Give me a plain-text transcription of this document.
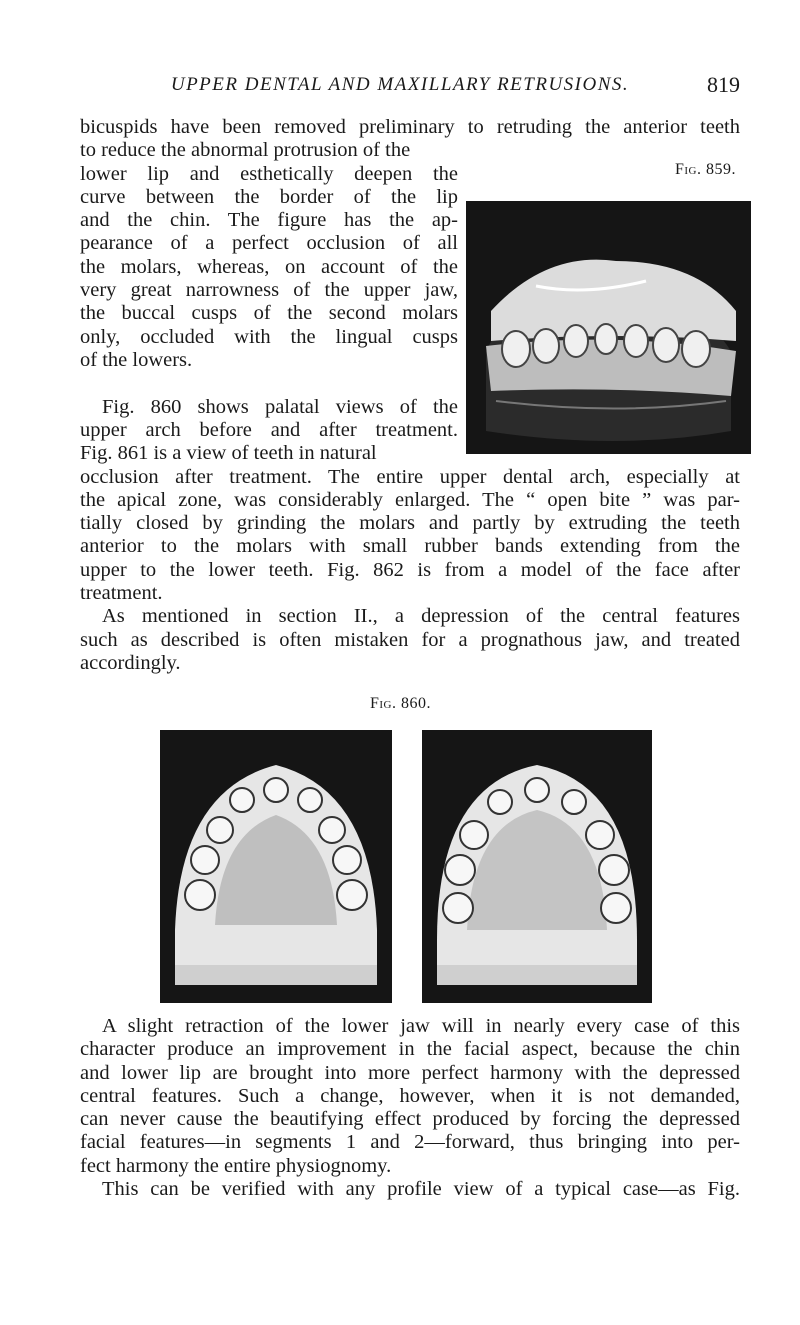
UPPER DENTAL AND MAXILLARY RETRUSIONS.	819
bicuspids have been removed preliminary to retruding the anterior teeth
to reduce the abnormal protrusion of the
lower lip and esthetically deepen the
curve between the border of the lip
and the chin. The figure has the ap-
pearance of a perfect occlusion of all
the molars, whereas, on account of the
very great narrowness of the upper jaw,
the buccal cusps of the second molars
only, occluded with the lingual cusps
of the lowers.
Fig. 860 shows palatal views of the
upper arch before and after treatment.
Fig. 861 is a view of teeth in natural
occlusion after treatment. The entire upper dental arch, especially at
the apical zone, was considerably enlarged. The “ open bite ” was par-
tially closed by grinding the molars and partly by extruding the teeth
anterior to the molars with small rubber bands extending from the
upper to the lower teeth. Fig. 862 is from a model of the face after
treatment.
As mentioned in section II., a depression of the central features
such as described is often mistaken for a prognathous jaw, and treated
accordingly.
Fig. 859.
Fig. 860.
A slight retraction of the lower jaw will in nearly every case of this
character produce an improvement in the facial aspect, because the chin
and lower lip are brought into more perfect harmony with the depressed
central features. Such a change, however, when it is not demanded,
can never cause the beautifying effect produced by forcing the depressed
facial features—in segments 1 and 2—forward, thus bringing into per-
fect harmony the entire physiognomy.
This can be verified with any profile view of a typical case—as Fig.
